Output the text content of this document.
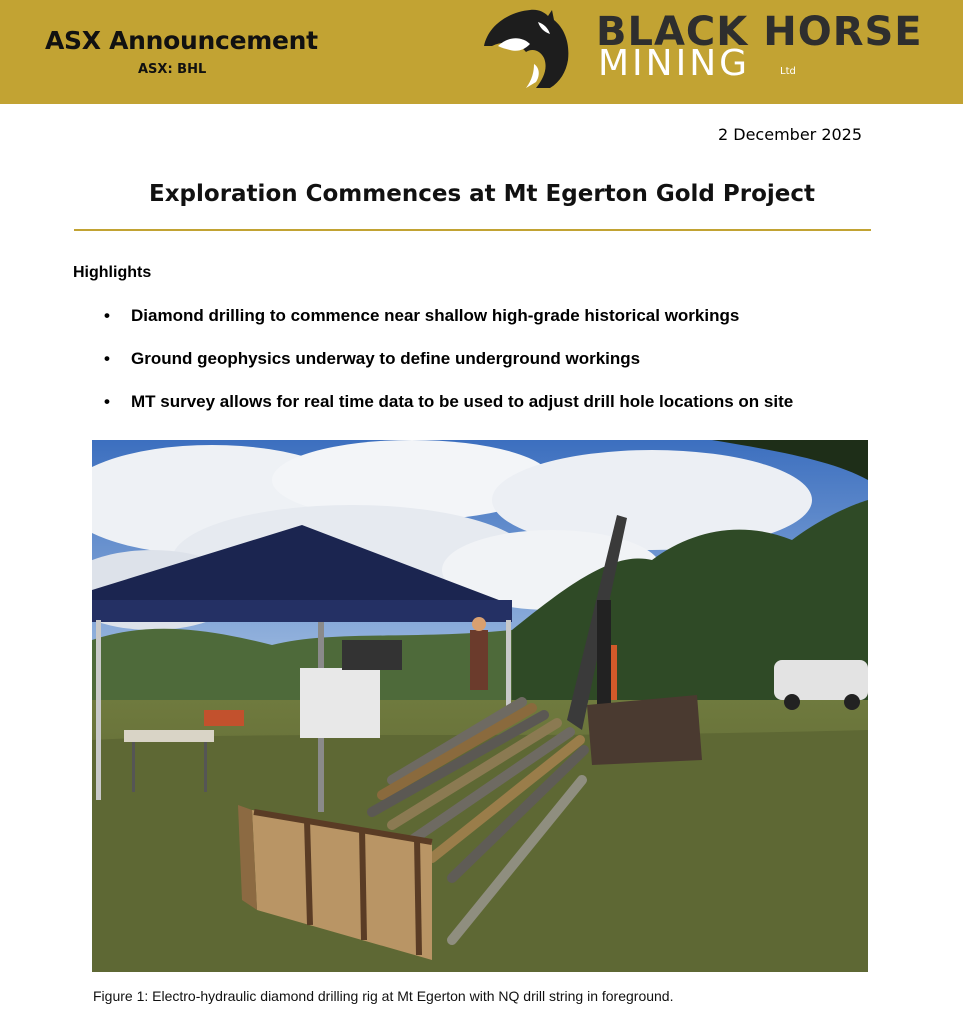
ASX Announcement
ASX: BHL
BLACK HORSE
MINING	Ltd
2 December 2025
Exploration Commences at Mt Egerton Gold Project
Highlights
• Diamond drilling to commence near shallow high-grade historical workings
• Ground geophysics underway to define underground workings
• MT survey allows for real time data to be used to adjust drill hole locations on site
Figure 1: Electro-hydraulic diamond drilling rig at Mt Egerton with NQ drill string in foreground.
